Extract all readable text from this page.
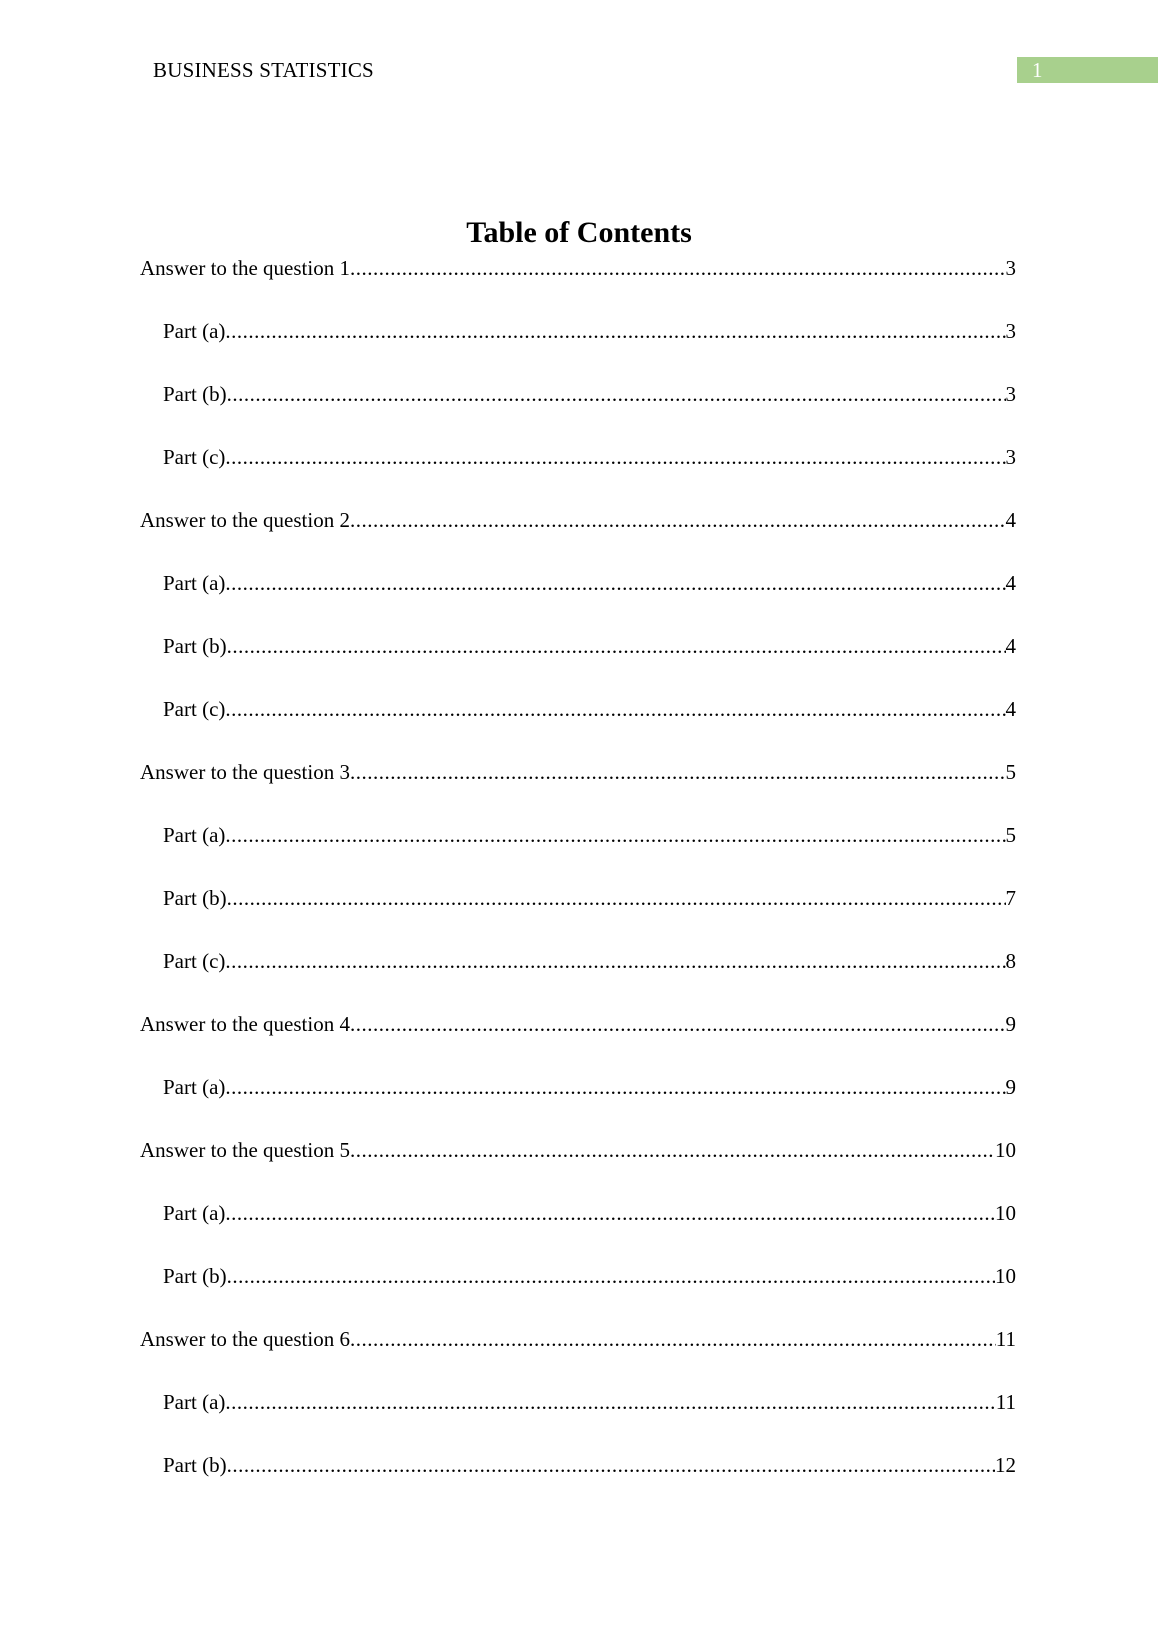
BUSINESS STATISTICS	1
Table of Contents
Answer to the question 1 .....	3
Part (a) .....	3
Part (b) .....	3
Part (c) .....	3
Answer to the question 2 .....	4
Part (a) .....	4
Part (b) .....	4
Part (c) .....	4
Answer to the question 3 .....	5
Part (a) .....	5
Part (b) .....	7
Part (c) .....	8
Answer to the question 4 .....	9
Part (a) .....	9
Answer to the question 5 .....	10
Part (a) .....	10
Part (b) .....	10
Answer to the question 6 .....	11
Part (a) .....	11
Part (b) .....	12
